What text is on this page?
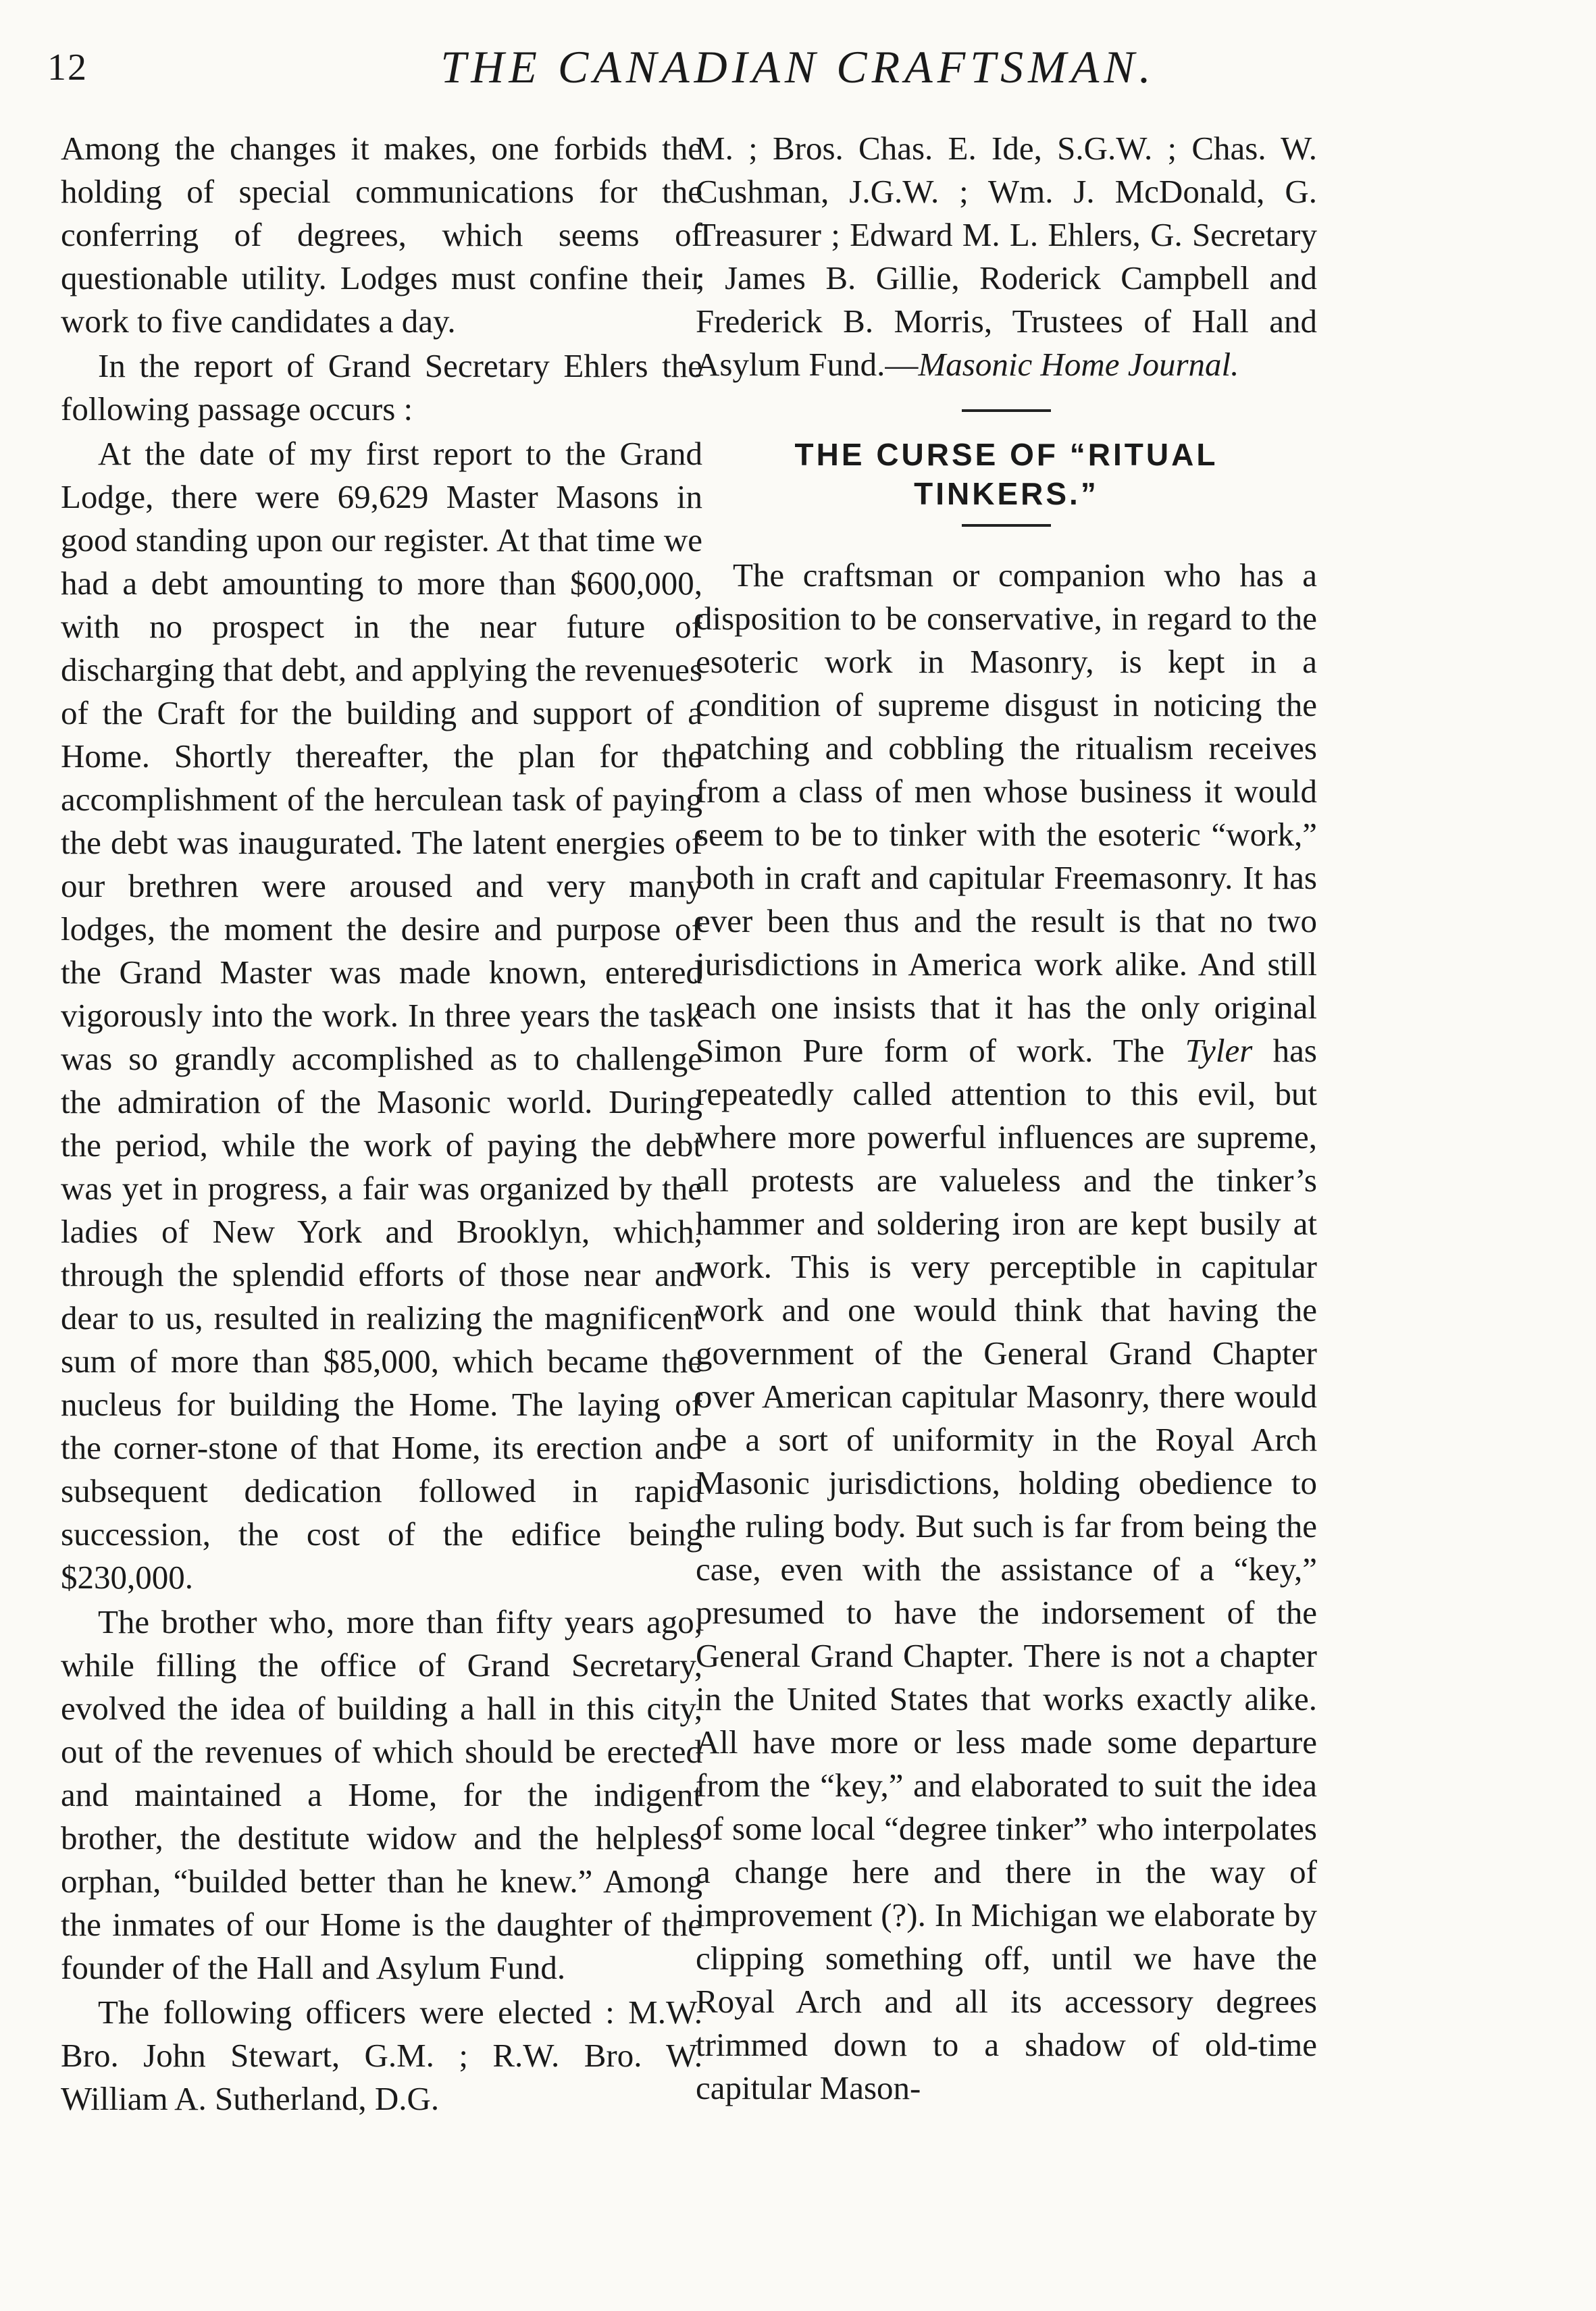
12	THE CANADIAN CRAFTSMAN.

Among the changes it makes, one forbids the holding of special communications for the conferring of degrees, which seems of questionable utility. Lodges must confine their work to five candidates a day.

In the report of Grand Secretary Ehlers the following passage occurs :

At the date of my first report to the Grand Lodge, there were 69,629 Master Masons in good standing upon our register. At that time we had a debt amounting to more than $600,000, with no prospect in the near future of discharging that debt, and applying the revenues of the Craft for the building and support of a Home. Shortly thereafter, the plan for the accomplishment of the herculean task of paying the debt was inaugurated. The latent energies of our brethren were aroused and very many lodges, the moment the desire and purpose of the Grand Master was made known, entered vigorously into the work. In three years the task was so grandly accomplished as to challenge the admiration of the Masonic world. During the period, while the work of paying the debt was yet in progress, a fair was organized by the ladies of New York and Brooklyn, which, through the splendid efforts of those near and dear to us, resulted in realizing the magnificent sum of more than $85,000, which became the nucleus for building the Home. The laying of the corner-stone of that Home, its erection and subsequent dedication followed in rapid succession, the cost of the edifice being $230,000.

The brother who, more than fifty years ago, while filling the office of Grand Secretary, evolved the idea of building a hall in this city, out of the revenues of which should be erected and maintained a Home, for the indigent brother, the destitute widow and the helpless orphan, “builded better than he knew.” Among the inmates of our Home is the daughter of the founder of the Hall and Asylum Fund.

The following officers were elected : M.W. Bro. John Stewart, G.M. ; R.W. Bro. W. William A. Sutherland, D.G.

M. ; Bros. Chas. E. Ide, S.G.W. ; Chas. W. Cushman, J.G.W. ; Wm. J. McDonald, G. Treasurer ; Edward M. L. Ehlers, G. Secretary ; James B. Gillie, Roderick Campbell and Frederick B. Morris, Trustees of Hall and Asylum Fund.—Masonic Home Journal.

THE CURSE OF “RITUAL TINKERS.”

The craftsman or companion who has a disposition to be conservative, in regard to the esoteric work in Masonry, is kept in a condition of supreme disgust in noticing the patching and cobbling the ritualism receives from a class of men whose business it would seem to be to tinker with the esoteric “work,” both in craft and capitular Freemasonry. It has ever been thus and the result is that no two jurisdictions in America work alike. And still each one insists that it has the only original Simon Pure form of work. The Tyler has repeatedly called attention to this evil, but where more powerful influences are supreme, all protests are valueless and the tinker’s hammer and soldering iron are kept busily at work. This is very perceptible in capitular work and one would think that having the government of the General Grand Chapter over American capitular Masonry, there would be a sort of uniformity in the Royal Arch Masonic jurisdictions, holding obedience to the ruling body. But such is far from being the case, even with the assistance of a “key,” presumed to have the indorsement of the General Grand Chapter. There is not a chapter in the United States that works exactly alike. All have more or less made some departure from the “key,” and elaborated to suit the idea of some local “degree tinker” who interpolates a change here and there in the way of improvement (?). In Michigan we elaborate by clipping something off, until we have the Royal Arch and all its accessory degrees trimmed down to a shadow of old-time capitular Mason-
